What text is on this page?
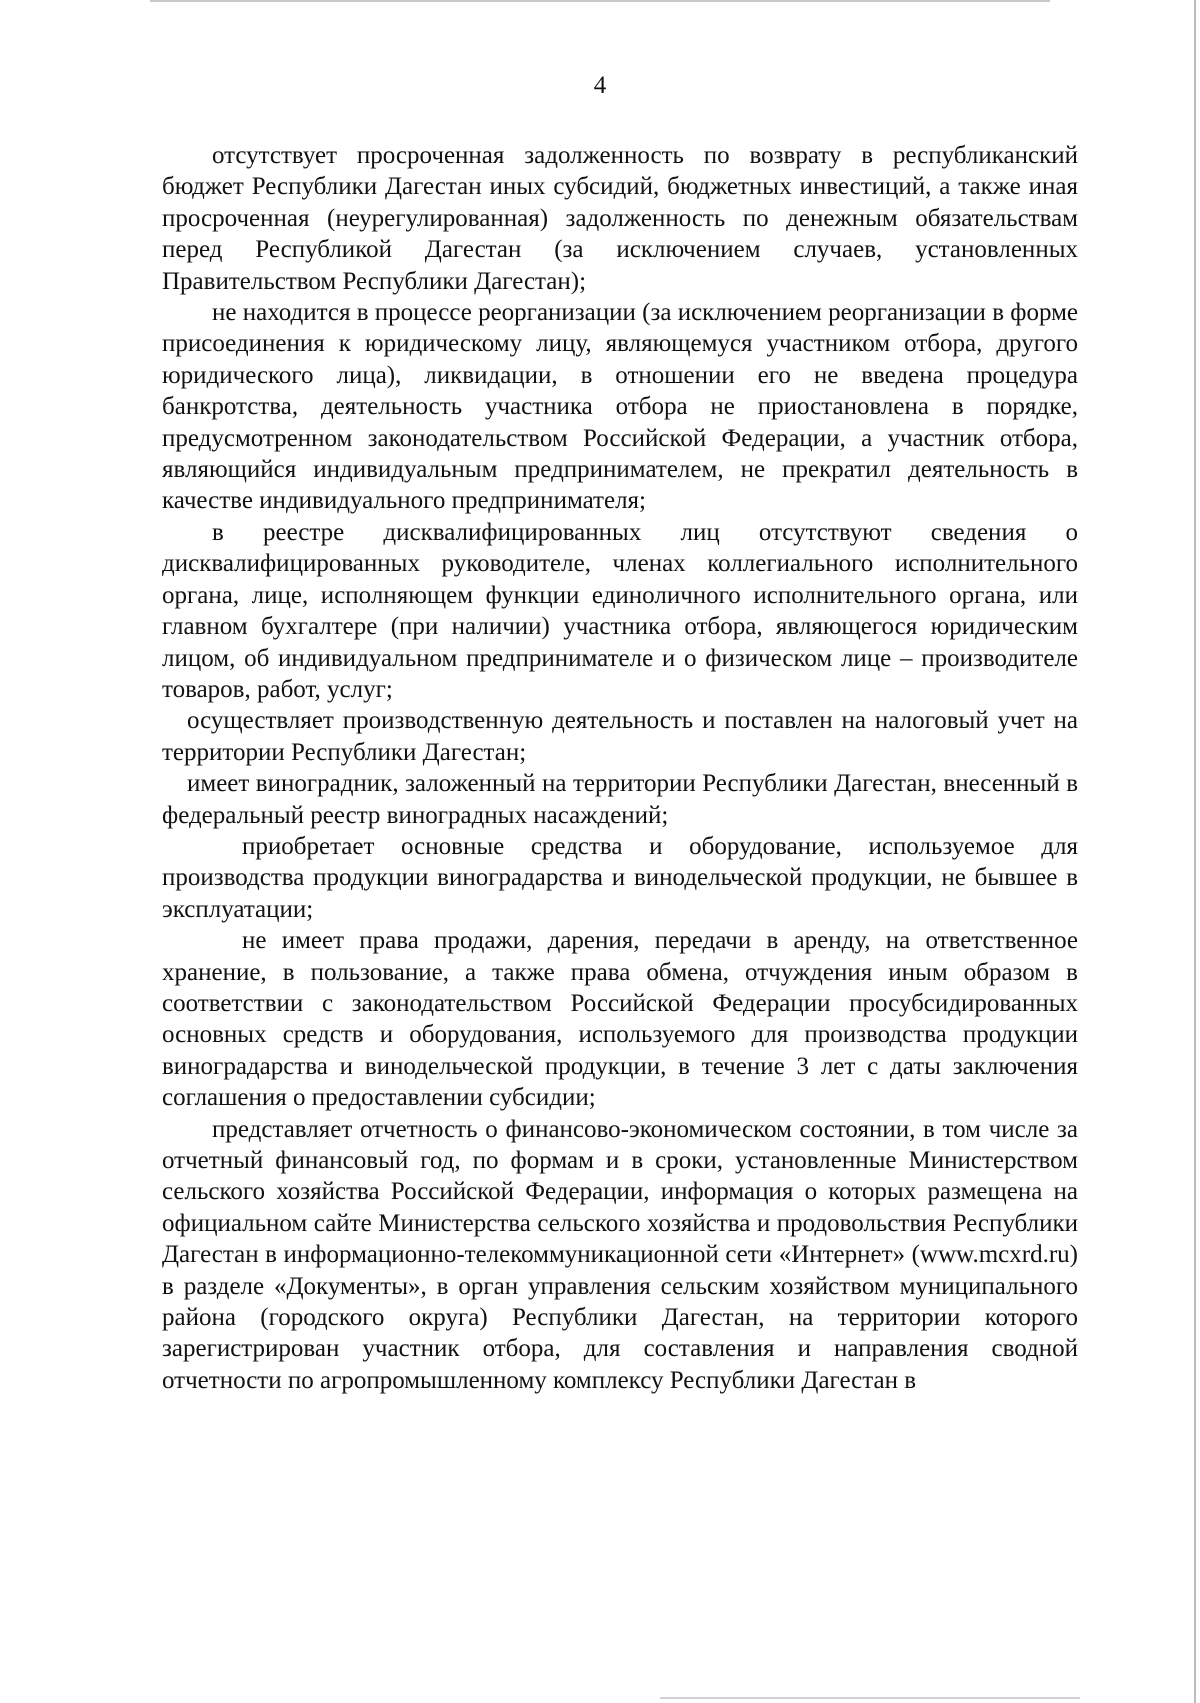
4

отсутствует просроченная задолженность по возврату в республиканский бюджет Республики Дагестан иных субсидий, бюджетных инвестиций, а также иная просроченная (неурегулированная) задолженность по денежным обязательствам перед Республикой Дагестан (за исключением случаев, установленных Правительством Республики Дагестан);

не находится в процессе реорганизации (за исключением реорганизации в форме присоединения к юридическому лицу, являющемуся участником отбора, другого юридического лица), ликвидации, в отношении его не введена процедура банкротства, деятельность участника отбора не приостановлена в порядке, предусмотренном законодательством Российской Федерации, а участник отбора, являющийся индивидуальным предпринимателем, не прекратил деятельность в качестве индивидуального предпринимателя;

в реестре дисквалифицированных лиц отсутствуют сведения о дисквалифицированных руководителе, членах коллегиального исполнительного органа, лице, исполняющем функции единоличного исполнительного органа, или главном бухгалтере (при наличии) участника отбора, являющегося юридическим лицом, об индивидуальном предпринимателе и о физическом лице – производителе товаров, работ, услуг;

осуществляет производственную деятельность и поставлен на налоговый учет на территории Республики Дагестан;

имеет виноградник, заложенный на территории Республики Дагестан, внесенный в федеральный реестр виноградных насаждений;

приобретает основные средства и оборудование, используемое для производства продукции виноградарства и винодельческой продукции, не бывшее в эксплуатации;

не имеет права продажи, дарения, передачи в аренду, на ответственное хранение, в пользование, а также права обмена, отчуждения иным образом в соответствии с законодательством Российской Федерации просубсидированных основных средств и оборудования, используемого для производства продукции виноградарства и винодельческой продукции, в течение 3 лет с даты заключения соглашения о предоставлении субсидии;

представляет отчетность о финансово-экономическом состоянии, в том числе за отчетный финансовый год, по формам и в сроки, установленные Министерством сельского хозяйства Российской Федерации, информация о которых размещена на официальном сайте Министерства сельского хозяйства и продовольствия Республики Дагестан в информационно-телекоммуникационной сети «Интернет» (www.mcxrd.ru) в разделе «Документы», в орган управления сельским хозяйством муниципального района (городского округа) Республики Дагестан, на территории которого зарегистрирован участник отбора, для составления и направления сводной отчетности по агропромышленному комплексу Республики Дагестан в
